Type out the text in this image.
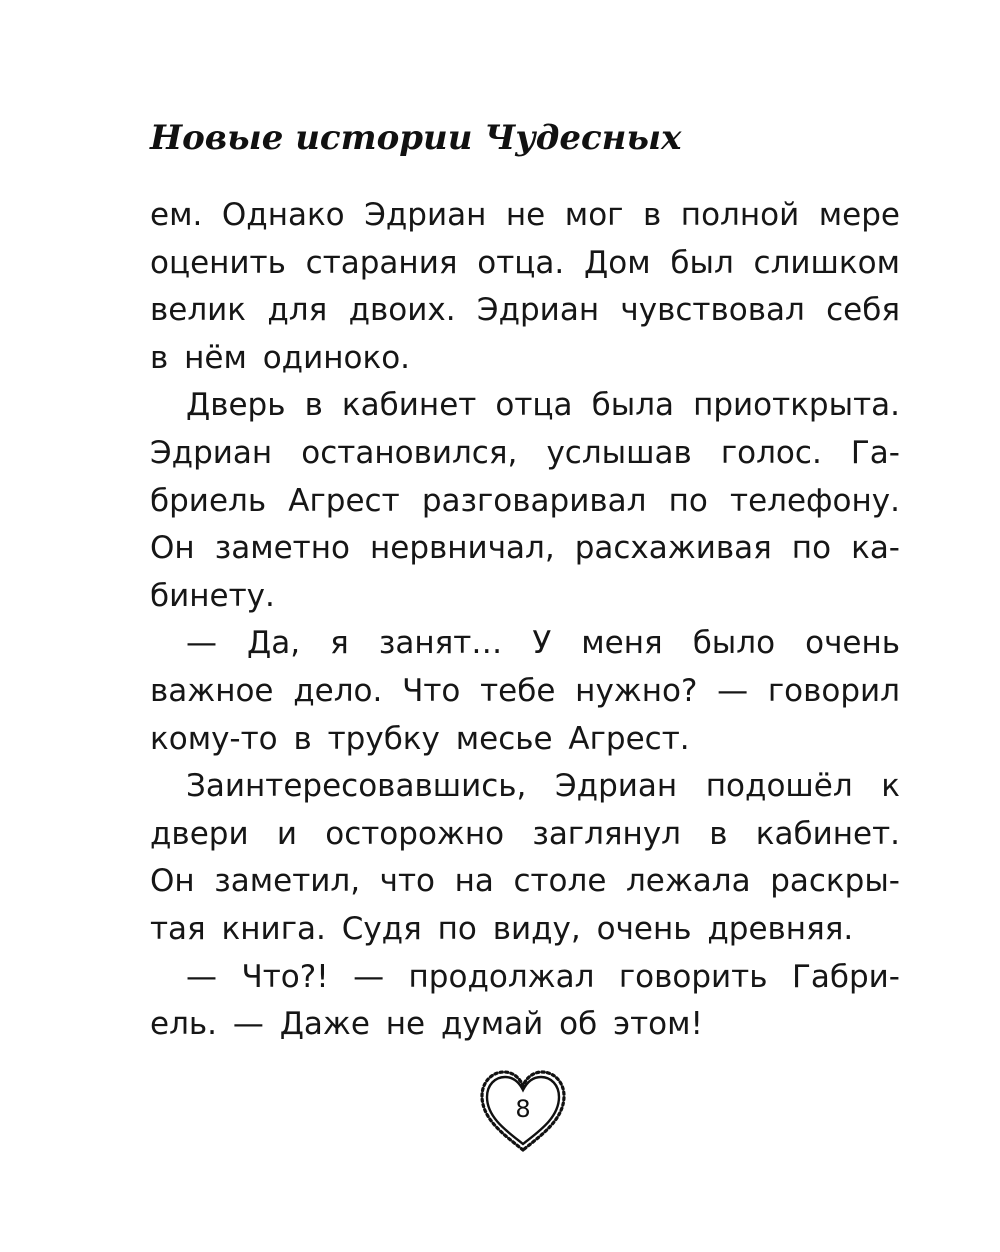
Новые истории Чудесных
ем. Однако Эдриан не мог в полной мере
оценить старания отца. Дом был слишком
велик для двоих. Эдриан чувствовал себя
в нём одиноко.
Дверь в кабинет отца была приоткрыта.
Эдриан остановился, услышав голос. Га-
бриель Агрест разговаривал по телефону.
Он заметно нервничал, расхаживая по ка-
бинету.
— Да, я занят… У меня было очень
важное дело. Что тебе нужно? — говорил
кому-то в трубку месье Агрест.
Заинтересовавшись, Эдриан подошёл к
двери и осторожно заглянул в кабинет.
Он заметил, что на столе лежала раскры-
тая книга. Судя по виду, очень древняя.
— Что?! — продолжал говорить Габри-
ель. — Даже не думай об этом!
8
